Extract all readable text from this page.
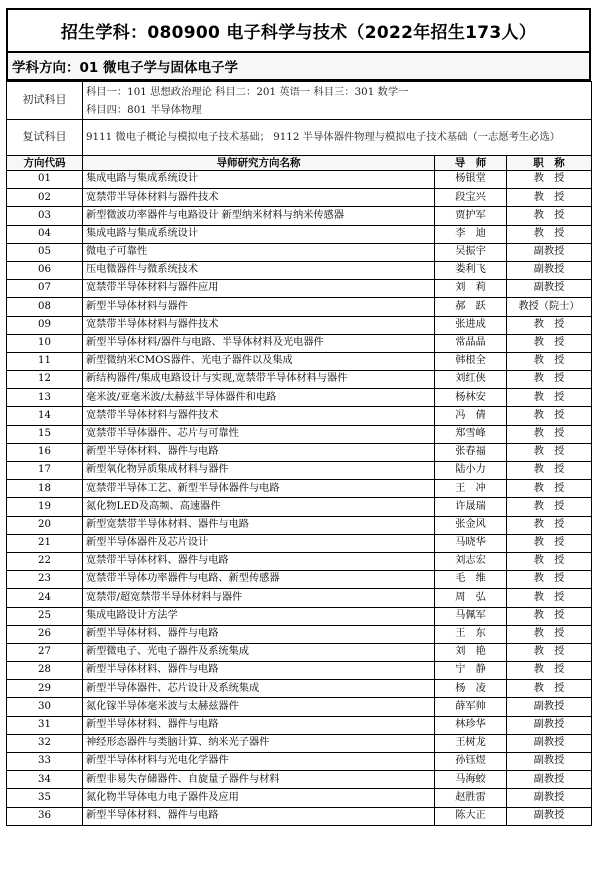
招生学科：080900 电子科学与技术（2022年招生173人）
学科方向：01 微电子学与固体电子学
初试科目	科目一：101 思想政治理论 科目二：201 英语一 科目三：301 数学一
科目四：801 半导体物理		

复试科目	9111 微电子概论与模拟电子技术基础； 9112 半导体器件物理与模拟电子技术基础（一志愿考生必选）		
方向代码	导师研究方向名称	导　师	职　称
01	集成电路与集成系统设计	杨银堂	教　授
02	宽禁带半导体材料与器件技术	段宝兴	教　授
03	新型微波功率器件与电路设计 新型纳米材料与纳米传感器	贾护军	教　授
04	集成电路与集成系统设计	李　迪	教　授
05	微电子可靠性	吴振宇	副教授
06	压电微器件与微系统技术	娄利飞	副教授
07	宽禁带半导体材料与器件应用	刘　莉	副教授
08	新型半导体材料与器件	郝　跃	教授（院士）
09	宽禁带半导体材料与器件技术	张进成	教　授
10	新型半导体材料/器件与电路、半导体材料及光电器件	常晶晶	教　授
11	新型微纳米CMOS器件、光电子器件以及集成	韩根全	教　授
12	新结构器件/集成电路设计与实现,宽禁带半导体材料与器件	刘红侠	教　授
13	毫米波/亚毫米波/太赫兹半导体器件和电路	杨林安	教　授
14	宽禁带半导体材料与器件技术	冯　倩	教　授
15	宽禁带半导体器件、芯片与可靠性	郑雪峰	教　授
16	新型半导体材料、器件与电路	张春福	教　授
17	新型氧化物异质集成材料与器件	陆小力	教　授
18	宽禁带半导体工艺、新型半导体器件与电路	王　冲	教　授
19	氮化物LED及高频、高速器件	许晟瑞	教　授
20	新型宽禁带半导体材料、器件与电路	张金风	教　授
21	新型半导体器件及芯片设计	马晓华	教　授
22	宽禁带半导体材料、器件与电路	刘志宏	教　授
23	宽禁带半导体功率器件与电路、新型传感器	毛　维	教　授
24	宽禁带/超宽禁带半导体材料与器件	周　弘	教　授
25	集成电路设计方法学	马佩军	教　授
26	新型半导体材料、器件与电路	王　东	教　授
27	新型微电子、光电子器件及系统集成	刘　艳	教　授
28	新型半导体材料、器件与电路	宁　静	教　授
29	新型半导体器件、芯片设计及系统集成	杨　凌	教　授
30	氮化镓半导体毫米波与太赫兹器件	薛军帅	副教授
31	新型半导体材料、器件与电路	林珍华	副教授
32	神经形态器件与类脑计算、纳米光子器件	王树龙	副教授
33	新型半导体材料与光电化学器件	孙钰煜	副教授
34	新型非易失存储器件、自旋量子器件与材料	马海蛟	副教授
35	氮化物半导体电力电子器件及应用	赵胜雷	副教授
36	新型半导体材料、器件与电路	陈大正	副教授
